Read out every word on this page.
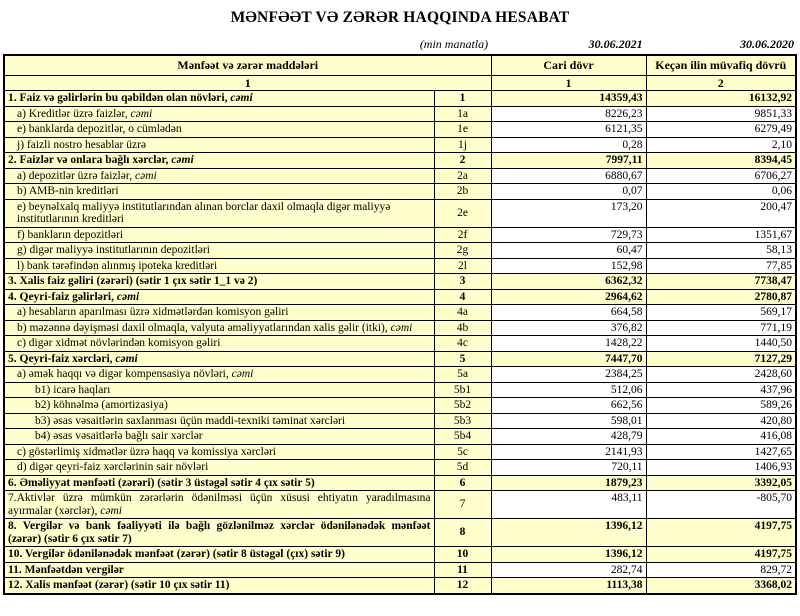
MƏNFƏƏT VƏ ZƏRƏR HAQQINDA HESABAT
(min manatla)	30.06.2021	30.06.2020
Mənfəət və zərər maddələri		Cari dövr	Keçən ilin müvafiq dövrü
1		1	2
1. Faiz və gəlirlərin bu qəbildən olan növləri, cəmi	1	14359,43	16132,92
a) Kreditlər üzrə faizlər, cəmi	1a	8226,23	9851,33
e) banklarda depozitlər, o cümlədən	1e	6121,35	6279,49
j) faizli nostro hesablar üzrə	1j	0,28	2,10
2. Faizlər və onlara bağlı xərclər, cəmi	2	7997,11	8394,45
a) depozitlər üzrə faizlər, cəmi	2a	6880,67	6706,27
b) AMB-nin kreditləri	2b	0,07	0,06
e) beynəlxalq maliyyə institutlarından alınan borclar daxil olmaqla digər maliyyə institutlarının kreditləri	2e	173,20	200,47
f) bankların depozitləri	2f	729,73	1351,67
g) digər maliyyə institutlarının depozitləri	2g	60,47	58,13
l) bank tərəfindən alınmış ipoteka kreditləri	2l	152,98	77,85
3. Xalis faiz gəliri (zərəri) (sətir 1 çıx sətir 1_1 və 2)	3	6362,32	7738,47
4. Qeyri-faiz gəlirləri, cəmi	4	2964,62	2780,87
a) hesabların aparılması üzrə xidmətlərdən komisyon gəliri	4a	664,58	569,17
b) məzənnə dəyişməsi daxil olmaqla, valyuta əməliyyatlarından xalis gəlir (itki), cəmi	4b	376,82	771,19
c) digər xidmət növlərindən komisyon gəliri	4c	1428,22	1440,50
5. Qeyri-faiz xərcləri, cəmi	5	7447,70	7127,29
a) əmək haqqı və digər kompensasiya növləri, cəmi	5a	2384,25	2428,60
b1) icarə haqları	5b1	512,06	437,96
b2) köhnəlmə (amortizasiya)	5b2	662,56	589,26
b3) əsas vəsaitlərin saxlanması üçün maddi-texniki təminat xərcləri	5b3	598,01	420,80
b4) əsas vəsaitlərlə bağlı sair xərclər	5b4	428,79	416,08
c) göstərlimiş xidmətlər üzrə haqq və komissiya xərcləri	5c	2141,93	1427,65
d) digər qeyri-faiz xərclərinin sair növləri	5d	720,11	1406,93
6. Əməliyyat mənfəəti (zərəri) (sətir 3 üstəgəl sətir 4 çıx sətir 5)	6	1879,23	3392,05
7.Aktivlər üzrə mümkün zərərlərin ödənilməsi üçün xüsusi ehtiyatın yaradılmasına ayırmalar (xərclər), cəmi	7	483,11	-805,70
8. Vergilər və bank fəaliyyəti ilə bağlı gözlənilməz xərclər ödənilənədək mənfəət (zərər) (sətir 6 çıx sətir 7)	8	1396,12	4197,75
10. Vergilər ödənilənədək mənfəət (zərər) (sətir 8 üstəgəl (çıx) sətir 9)	10	1396,12	4197,75
11. Mənfəətdən vergilər	11	282,74	829,72
12. Xalis mənfəət (zərər) (sətir 10 çıx sətir 11)	12	1113,38	3368,02
